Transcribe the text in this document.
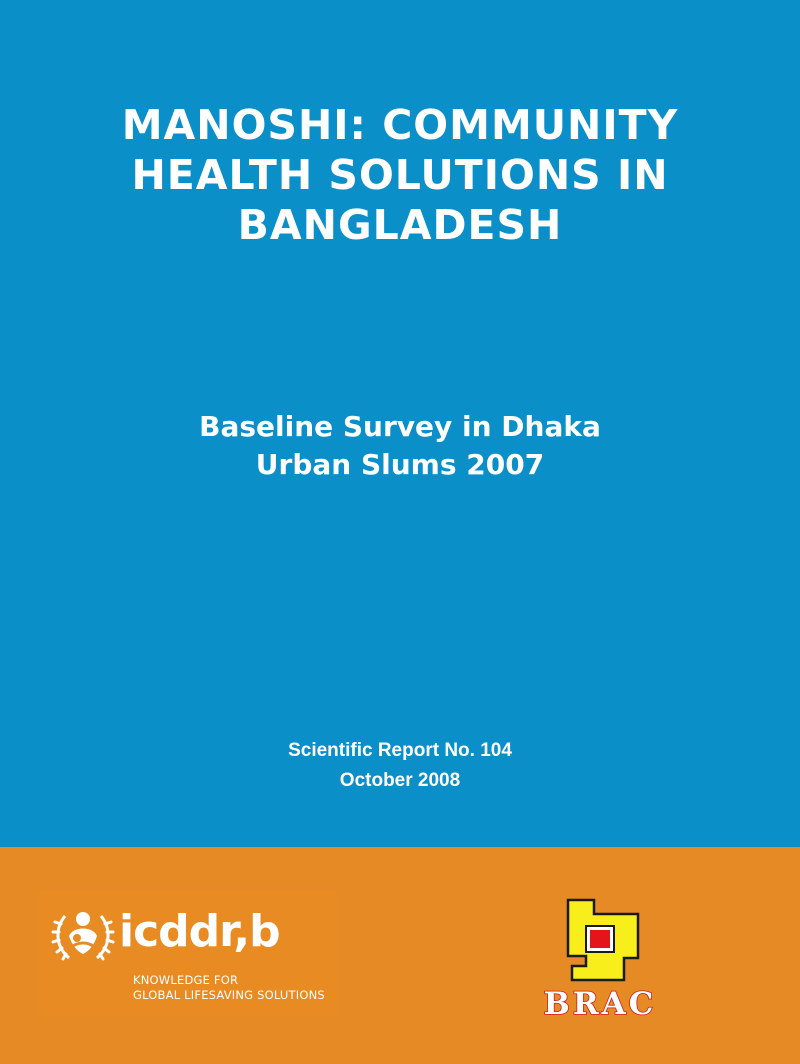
MANOSHI: COMMUNITY HEALTH SOLUTIONS IN BANGLADESH
Baseline Survey in Dhaka
Urban Slums 2007
Scientific Report No. 104
October 2008
icddr,b
KNOWLEDGE FOR
GLOBAL LIFESAVING SOLUTIONS	BRAC
